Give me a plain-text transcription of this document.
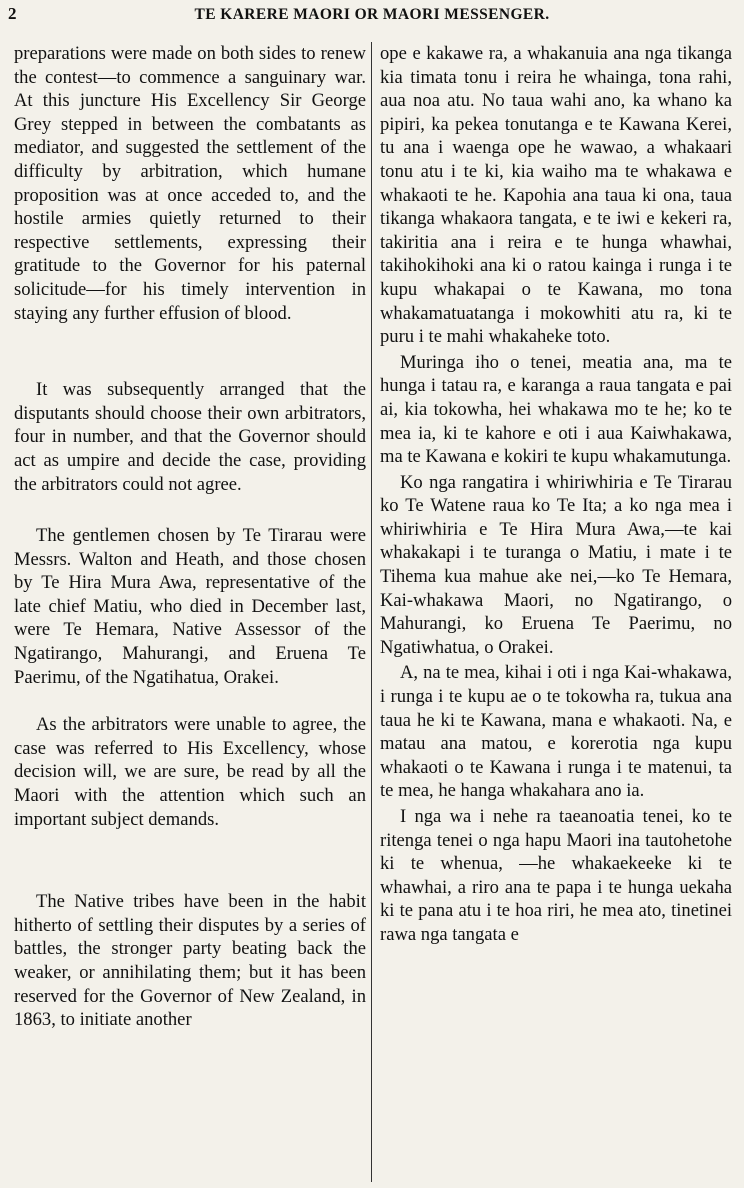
2	TE KARERE MAORI OR MAORI MESSENGER.

preparations were made on both sides to renew the contest—to commence a sanguinary war. At this juncture His Excellency Sir George Grey stepped in between the combatants as mediator, and suggested the settlement of the difficulty by arbitration, which humane proposition was at once acceded to, and the hostile armies quietly returned to their respective settlements, expressing their gratitude to the Governor for his paternal solicitude—for his timely intervention in staying any further effusion of blood.

It was subsequently arranged that the disputants should choose their own arbitrators, four in number, and that the Governor should act as umpire and decide the case, providing the arbitrators could not agree.

The gentlemen chosen by Te Tirarau were Messrs. Walton and Heath, and those chosen by Te Hira Mura Awa, representative of the late chief Matiu, who died in December last, were Te Hemara, Native Assessor of the Ngatirango, Mahurangi, and Eruena Te Paerimu, of the Ngatihatua, Orakei.

As the arbitrators were unable to agree, the case was referred to His Excellency, whose decision will, we are sure, be read by all the Maori with the attention which such an important subject demands.

The Native tribes have been in the habit hitherto of settling their disputes by a series of battles, the stronger party beating back the weaker, or annihilating them; but it has been reserved for the Governor of New Zealand, in 1863, to initiate another

ope e kakawe ra, a whakanuia ana nga tikanga kia timata tonu i reira he whainga, tona rahi, aua noa atu. No taua wahi ano, ka whano ka pipiri, ka pekea tonutanga e te Kawana Kerei, tu ana i waenga ope he wawao, a whakaari tonu atu i te ki, kia waiho ma te whakawa e whakaoti te he. Kapohia ana taua ki ona, taua tikanga whakaora tangata, e te iwi e kekeri ra, takiritia ana i reira e te hunga whawhai, takihokihoki ana ki o ratou kainga i runga i te kupu whakapai o te Kawana, mo tona whakamatuatanga i mokowhiti atu ra, ki te puru i te mahi whakaheke toto.

Muringa iho o tenei, meatia ana, ma te hunga i tatau ra, e karanga a raua tangata e pai ai, kia tokowha, hei whakawa mo te he; ko te mea ia, ki te kahore e oti i aua Kaiwhakawa, ma te Kawana e kokiri te kupu whakamutunga.

Ko nga rangatira i whiriwhiria e Te Tirarau ko Te Watene raua ko Te Ita; a ko nga mea i whiriwhiria e Te Hira Mura Awa,—te kai whakakapi i te turanga o Matiu, i mate i te Tihema kua mahue ake nei,—ko Te Hemara, Kai-whakawa Maori, no Ngatirango, o Mahurangi, ko Eruena Te Paerimu, no Ngatiwhatua, o Orakei.

A, na te mea, kihai i oti i nga Kai-whakawa, i runga i te kupu ae o te tokowha ra, tukua ana taua he ki te Kawana, mana e whakaoti. Na, e matau ana matou, e korerotia nga kupu whakaoti o te Kawana i runga i te matenui, ta te mea, he hanga whakahara ano ia.

I nga wa i nehe ra taeanoatia tenei, ko te ritenga tenei o nga hapu Maori ina tautohetohe ki te whenua, —he whakaekeeke ki te whawhai, a riro ana te papa i te hunga uekaha ki te pana atu i te hoa riri, he mea ato, tinetinei rawa nga tangata e
